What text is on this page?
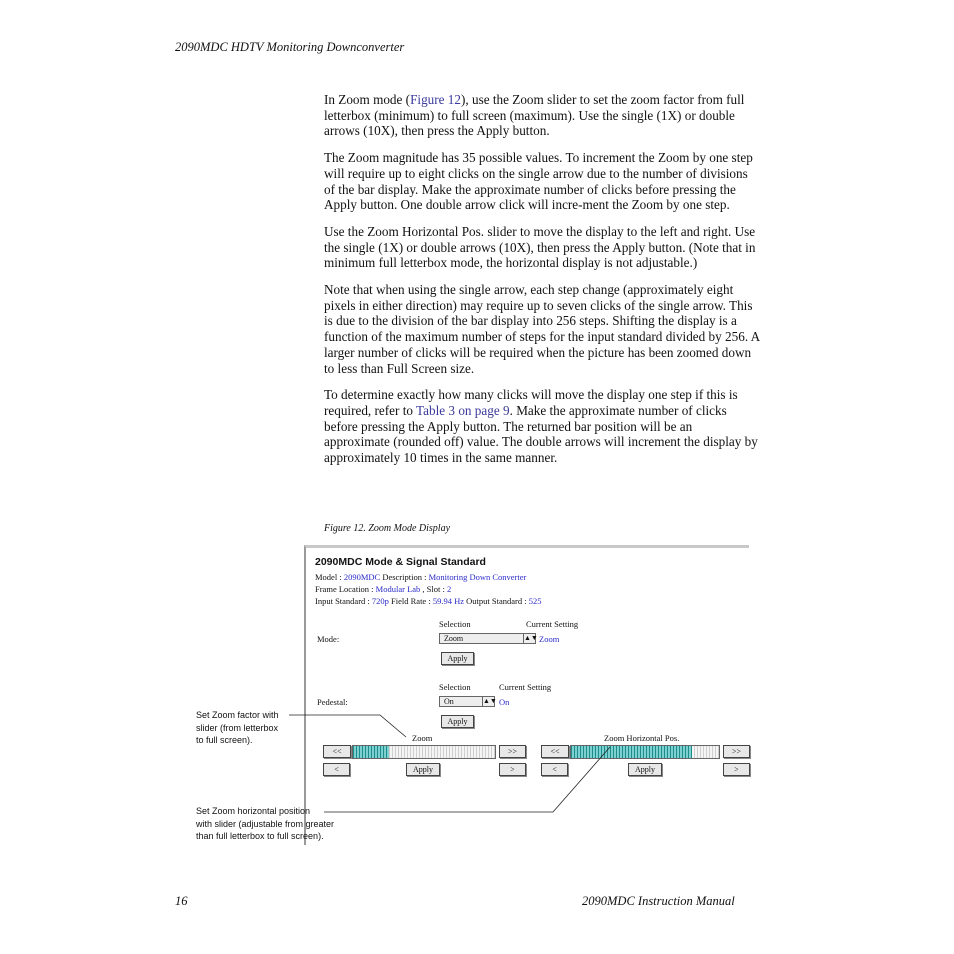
2090MDC HDTV Monitoring Downconverter

In Zoom mode (Figure 12), use the Zoom slider to set the zoom factor from full letterbox (minimum) to full screen (maximum). Use the single (1X) or double arrows (10X), then press the Apply button.

The Zoom magnitude has 35 possible values. To increment the Zoom by one step will require up to eight clicks on the single arrow due to the number of divisions of the bar display. Make the approximate number of clicks before pressing the Apply button. One double arrow click will incre-ment the Zoom by one step.

Use the Zoom Horizontal Pos. slider to move the display to the left and right. Use the single (1X) or double arrows (10X), then press the Apply button. (Note that in minimum full letterbox mode, the horizontal display is not adjustable.)

Note that when using the single arrow, each step change (approximately eight pixels in either direction) may require up to seven clicks of the single arrow. This is due to the division of the bar display into 256 steps. Shifting the display is a function of the maximum number of steps for the input standard divided by 256. A larger number of clicks will be required when the picture has been zoomed down to less than Full Screen size.

To determine exactly how many clicks will move the display one step if this is required, refer to Table 3 on page 9. Make the approximate number of clicks before pressing the Apply button. The returned bar position will be an approximate (rounded off) value. The double arrows will increment the display by approximately 10 times in the same manner.

Figure 12. Zoom Mode Display
2090MDC Mode & Signal Standard
Model : 2090MDC Description : Monitoring Down Converter
Frame Location : Modular Lab , Slot : 2
Input Standard : 720p Field Rate : 59.94 Hz Output Standard : 525
Selection	Current Setting
Mode:	Zoom	▲▼ Zoom
Apply
Selection	Current Setting
Pedestal:	On	▲▼ On
Apply
Zoom
<<	>>
<	Apply	>
Zoom Horizontal Pos.
<<	>>
<	Apply	>
Set Zoom factor with
slider (from letterbox
to full screen).
Set Zoom horizontal position
with slider (adjustable from greater
than full letterbox to full screen).
16	2090MDC Instruction Manual
